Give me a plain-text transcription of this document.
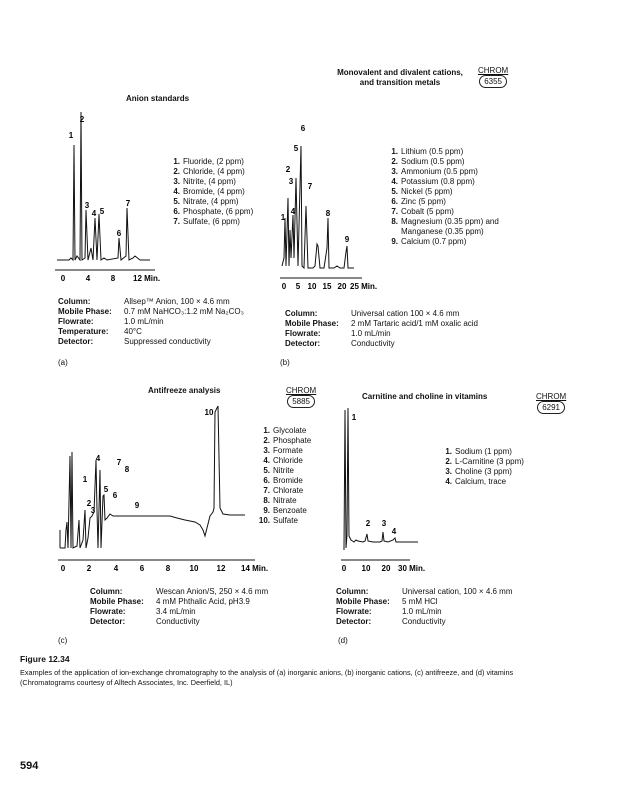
Anion standards
1
2
3
4 5
7
6
0	4	8 12 Min.
1. Fluoride, (2 ppm)
2. Chloride, (4 ppm)
3. Nitrite, (4 ppm)
4. Bromide, (4 ppm)
5. Nitrate, (4 ppm)
6. Phosphate, (6 ppm)
7. Sulfate, (6 ppm)
Column:	Allsep™ Anion, 100 × 4.6 mm
Mobile Phase:	0.7 mM NaHCO₃:1.2 mM Na₂CO₃
Flowrate:	1.0 mL/min
Temperature:	40°C
Detector:	Suppressed conductivity
(a)
Monovalent and divalent cations,
and transition metals
CHROM
6355
1
2
3
4
5
6
7
8
9
0 5 10 15 20 25 Min.
1. Lithium (0.5 ppm)
2. Sodium (0.5 ppm)
3. Ammonium (0.5 ppm)
4. Potassium (0.8 ppm)
5. Nickel (5 ppm)
6. Zinc (5 ppm)
7. Cobalt (5 ppm)
8. Magnesium (0.35 ppm) and
Manganese (0.35 ppm)
9. Calcium (0.7 ppm)
Column:	Universal cation 100 × 4.6 mm
Mobile Phase:	2 mM Tartaric acid/1 mM oxalic acid
Flowrate:	1.0 mL/min
Detector:	Conductivity
(b)
Antifreeze analysis	CHROM
5885
1
2
3
4
5
6
7
8
9
10
0	2	4	6	8 10 12 14 Min.
1. Glycolate
2. Phosphate
3. Formate
4. Chloride
5. Nitrite
6. Bromide
7. Chlorate
8. Nitrate
9. Benzoate
10. Sulfate
Column:	Wescan Anion/S, 250 × 4.6 mm
Mobile Phase:	4 mM Phthalic Acid, pH3.9
Flowrate:	3.4 mL/min
Detector:	Conductivity
(c)
Carnitine and choline in vitamins	CHROM
6291
1
2 3
4
0 10 20 30 Min.
1. Sodium (1 ppm)
2. L-Carnitine (3 ppm)
3. Choline (3 ppm)
4. Calcium, trace
Column:	Universal cation, 100 × 4.6 mm
Mobile Phase:	5 mM HCl
Flowrate:	1.0 mL/min
Detector:	Conductivity
(d)
Figure 12.34
Examples of the application of ion-exchange chromatography to the analysis of (a) inorganic anions, (b) inorganic cations, (c) antifreeze, and (d) vitamins
(Chromatograms courtesy of Alltech Associates, Inc. Deerfield, IL)
594
